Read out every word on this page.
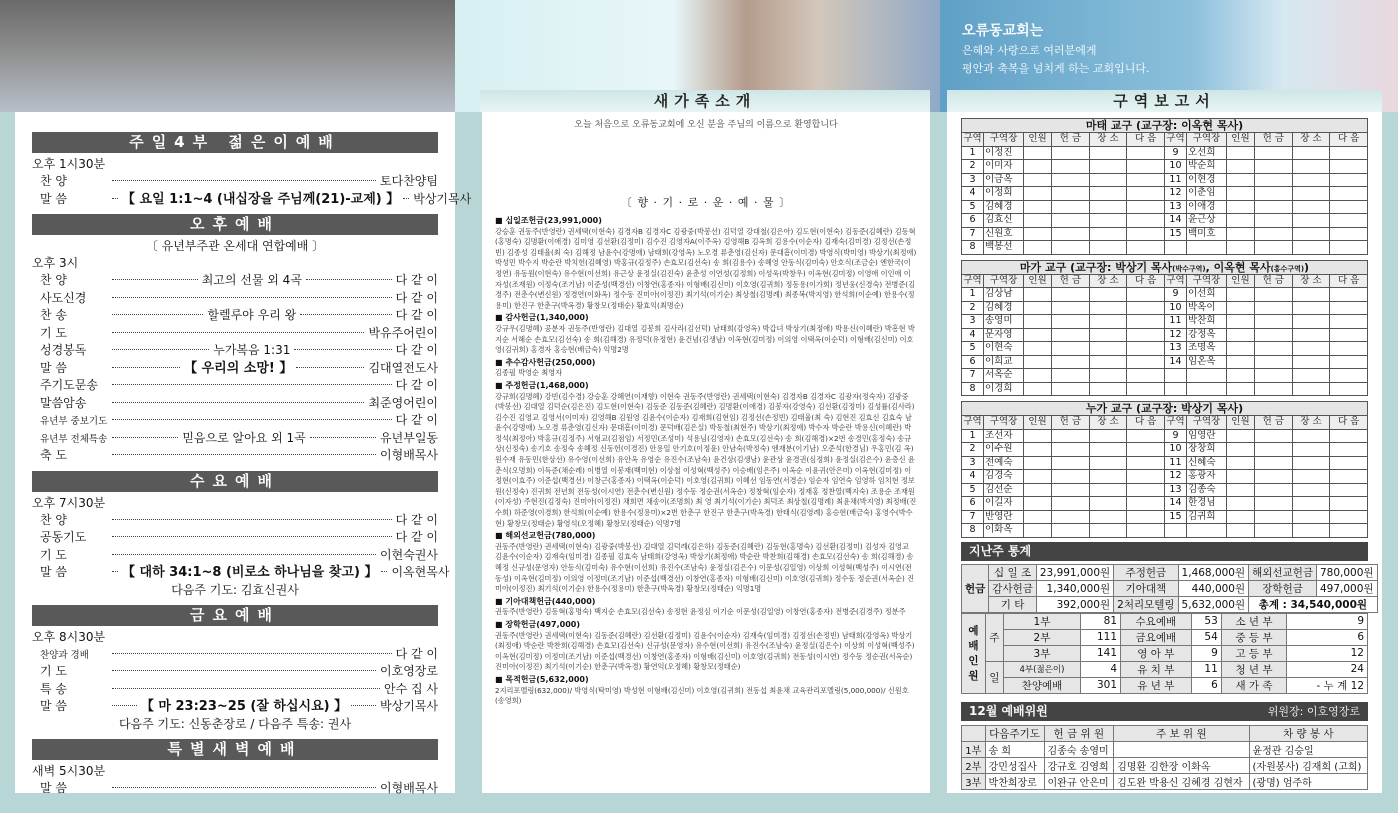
오류동교회는
은혜와 사랑으로 여러분에게
평안과 축복을 넘치게 하는 교회입니다.
새가족소개	구역보고서
주일4부 젊은이예배
오후 1시30분
찬 양	토다찬양팀
말 씀	【 요일 1:1~4 (내십장을 주님께(21)-교제) 】 박상기목사
오후예배
〔 유년부주관 온세대 연합예배 〕
오후 3시
찬 양	최고의 선물 외 4곡	다 같 이
사도신경	다 같 이
찬 송	할렐루야 우리 왕	다 같 이
기 도	박유주어린이
성경봉독	누가복음 1:31	다 같 이
말 씀	【 우리의 소망! 】	김대열전도사
주기도문송	다 같 이
말씀암송	최준영어린이
유년부 중보기도	다 같 이
유년부 전체특송	믿음으로 알아요 외 1곡	유년부일동
축 도	이형배목사
수요예배
오후 7시30분
찬 양	다 같 이
공동기도	다 같 이
기 도	이현숙권사
말 씀	【 대하 34:1~8 (비로소 하나님을 찾고) 】 이옥현목사
다음주 기도: 김효신권사
금요예배
오후 8시30분
찬양과 경배	다 같 이
기 도	이호영장로
특 송	안수 집 사
말 씀	【 마 23:23~25 (잘 하십시요) 】	박상기목사
다음주 기도: 신동춘장로 / 다음주 특송: 권사
특별새벽예배
새벽 5시30분
말 씀	이형배목사
오늘 처음으로 오류동교회에 오신 분을 주님의 이름으로 환영합니다
〔 향 · 기 · 로 · 운 · 예 · 물 〕
■ 십일조헌금(23,991,000)
강승훈 권동주(반영란) 권세택(이현숙) 김경자B 김경자C 김광중(박봉선) 김덕열 강대철(김은아) 김도현(이현숙) 김동준(김혜란) 김동혁(홍명숙) 김명환(이애경) 김미영 김선환(김정미) 김수진 김영자A(이주옥) 김영해B 김옥희 김용수(이순자) 김재숙(김미경) 김정선(손정빈) 김종성 김태율(최 숙) 김해정 남윤수(강명애) 남태희(강영옥) 노오경 류춘영(김신자) 문대흠(이미경) 박영식(박미영) 박상기(최정애) 박성민 박수지 박순란 박치헌(김혜영) 박홍규(김정주) 손효모(김선숙) 송 희(김용수) 송혜영 안동식(김미숙) 안호식(조금순) 엔한국(이정연) 유동원(이현숙) 유수현(이선희) 유근상 윤정실(김진숙) 윤춘성 이연성(김정희) 이성욱(박창우) 이옥현(김미정) 이영애 이인애 이자성(조재원) 이정숙(조기남) 이준성(백경선) 이창연(홍종자) 이형배(김신미) 이호영(김귀희) 정동용(이가희) 정년웅(신경숙) 전병준(김경주) 전춘수(변신원) 정경연(이화옥) 정수동 진미아(이정진) 최기석(이기순) 최상철(김명례) 최종복(박지영) 한석희(이순예) 한용수(정용미) 한진구 한춘구(박옥경) 황창모(정태순) 황효익(최명순)
■ 감사헌금(1,340,000)
강규우(김명혜) 공분자 권동주(반영란) 김대열 김봉희 김사라(김선덕) 남태희(강영옥) 박갑녀 박상기(최정애) 박용신(이혜란) 박흥현 박지순 서혜순 손효모(김선숙) 송 희(김해경) 유정덕(유정현) 윤건념(김생남) 이옥현(김미정) 이의영 이택옥(이순덕) 이형배(김신미) 이호영(김귀희) 홍경자 홍승현(배금숙) 익명2명
■ 추수감사헌금(250,000)
김종필 박영순 최영자
■ 주정헌금(1,468,000)
강규희(김명혜) 강빈(김수경) 강승훈 강혜연(이재향) 이현숙 권동주(반영란) 권세택(이현숙) 김경자B 김경자C 김광자(정숙자) 김광중(박봉선) 김대열 김덕순(김은진) 김도현(이현숙) 김동준 김동준(김혜란) 김명환(이애경) 김봉자(강영숙) 김선환(김정미) 김성률(김사라) 김수진 김영교 김영서(이미자) 김영해B 김원영 김윤수(이순자) 김재희(김현임) 김정선(손정빈) 김태율(최 숙) 김현진 김효신 김효숙 남윤수(강명애) 노오경 류춘영(김신자) 문대흠(이미경) 문덕배(김은실) 박동철(최현주) 박상기(최정애) 박수자 박순란 박용신(이혜란) 박정석(최정아) 박홍규(김정주) 서형교(김점임) 서정민(조성미) 석용님(김영자) 손효모(김선숙) 송 희(김해경)×2번 송경민(홍정숙) 송규상(신정숙) 송기호 송정숙 송혜정 신동헌(이경진) 안용일 안기호(이정윤) 안남숙(박정숙) 엔재분(이기남) 오준석(한경님) 우홍민(김 옥) 원수재 유동민(한상선) 유수영(이선희) 유안옥 유영순 유진수(조남숙) 윤건상(김생남) 윤관상 윤경권(심정희) 윤정실(김은수) 윤층신 윤춘식(오명희) 이득준(채순례) 이병열 이봉재(백미현) 이상철 이성혁(백성주) 이승배(임은주) 이옥순 이윤귀(안은미) 이옥현(김미정) 이정현(이효주) 이준섭(백경선) 이창근(홍종자) 이택옥(이순덕) 이호영(김귀희) 이혜선 임동연(서경순) 임순자 임연숙 임영하 임치현 정보원(신정숙) 진귀희 전년희 전동성(이시연) 전춘수(변신원) 정수동 정순권(서옥순) 정창혁(임순자) 정재홍 정찬열(백지숙) 조용순 조재원(이자성) 주현진(김정숙) 진미아(이정진) 채희면 채송이(조명희) 최 영 최기석(이기순) 최덕조 최상철(김명례) 최윤채(박지영) 최정배(진수희) 하준영(이경희) 한석희(이순예) 한용수(정용미)×2번 한춘구 한진구 한춘구(박옥경) 한태식(김영례) 홍승현(배금숙) 홍영수(박수현) 황창모(정태순) 황영석(오정혜) 황창모(정태순) 익명7명
■ 해외선교헌금(780,000)
권동주(반영란) 권세택(이현숙) 김광중(박봉선) 김대열 김덕례(김은하) 김동준(김혜란) 김동현(홍명숙) 김선환(김정미) 김성자 김영교 김윤수(이순자) 김재숙(임미경) 김종필 김효숙 남태희(강영옥) 박상기(최정애) 박순란 박찬희(김해경) 손효모(김선숙) 송 희(김해경) 송혜정 신규성(문영자) 안동식(김미숙) 유수현(이선희) 유진수(조남숙) 윤정실(김은수) 이문성(김일영) 이상희 이성혁(백성주) 이시연(전동성) 이옥현(김미정) 이의영 이정미(조기남) 이준섭(백경선) 이창연(홍종자) 이형배(김신미) 이호영(김귀희) 정수동 정순권(서옥순) 진미아(이정진) 최기석(이기순) 한용수(정용미) 한춘구(박옥경) 황창모(정태순) 익명1명
■ 기아대책헌금(440,000)
권동주(반영란) 김동혁(홍명숙) 백지순 손효모(김선숙) 송정현 윤정심 이기순 이문성(김일영) 이창연(홍종자) 전병준(김경주) 정분주
■ 장학헌금(497,000)
권동주(반영란) 권세택(이현숙) 김동준(김혜란) 김선환(김정미) 김윤수(이순자) 김재숙(임미경) 김정선(손정빈) 남태희(강영옥) 박상기(최정애) 박순란 박찬희(김해경) 손효모(김선숙) 신규성(문영자) 유수현(이선희) 유진수(조남숙) 윤정실(김은수) 이상희 이성혁(백성주) 이옥현(김미정) 이정미(조기남) 이준섭(백경선) 이창연(홍종자) 이형배(김신미) 이호영(김귀희) 전동성(이시연) 정수동 정순권(서옥순) 진미아(이정진) 최기석(이기순) 한춘구(박옥경) 황연익(오정혜) 황창모(정태순)
■ 목적헌금(5,632,000)
2지리포멜링(632,000)/ 박영식(탁미영) 박성현 이형배(김신미) 이호영(김귀희) 전동섭 최윤채 교육관리포멜링(5,000,000)/ 신원호(송영희)
마태 교구 (교구장: 이옥현 목사)
구역	구역장	인원	헌 금	장 소	다 음	구역	구역장	인원	헌 금	장 소	다 음
1	이정진					9	오선희				
2	이미자					10	박순희				
3	이금옥					11	이현경				
4	이정희					12	이춘임				
5	김혜경					13	이애경				
6	김효신					14	윤근상				
7	신원호					15	백미호				
8	백봉선										
마가 교구 (교구장: 박상기 목사(박수구역), 이옥현 목사(홍수구역))
구역	구역장	인원	헌 금	장 소	다 음	구역	구역장	인원	헌 금	장 소	다 음
1	김상남					9	이선희				
2	김혜경					10	박옥이				
3	송영미					11	박찬희				
4	문자영					12	강정옥				
5	이현숙					13	조명옥				
6	이희교					14	임온옥				
7	서옥순										
8	이경희										
누가 교구 (교구장: 박상기 목사)
구역	구역장	인원	헌 금	장 소	다 음	구역	구역장	인원	헌 금	장 소	다 음
1	조선자					9	임영란				
2	이수원					10	장창희				
3	전예숙					11	신혜숙				
4	김경숙					12	홍광자				
5	김선순					13	김종숙				
6	이길자					14	한경님				
7	반영란					15	김귀희				
8	이화옥										
지난주 통계
헌금	십 일 조	23,991,000원	주정헌금	1,468,000원	해외선교헌금	780,000원
	감사헌금	1,340,000원	기아대책	440,000원	장학헌금	497,000원
	기 타	392,000원	2처리모텔링	5,632,000원	총계 : 34,540,000원	
예배인원	주	1부	81	수요예배	53	소 년 부	9
		2부	111	금요예배	54	중 등 부	6
		3부	141	영 아 부	9	고 등 부	12
	일	4부(젊은이)	4	유 치 부	11	청 년 부	24
		찬양예배	301	유 년 부	6	새 가 족	- 누 계 12
12월 예배위원	위원장: 이호영장로
	다음주기도	헌 금 위 원	주 보 위 원	차 량 봉 사
1부	송 희	김종숙 송영미		윤정관 김승일
2부	강민성집사	강규호 김영희	김명환 김한장 이화옥	(자원봉사) 김재희 (고희)
3부	박찬희장로	이완규 안은미	김도완 박용신 김혜경 김현자	(광명) 엄주하
